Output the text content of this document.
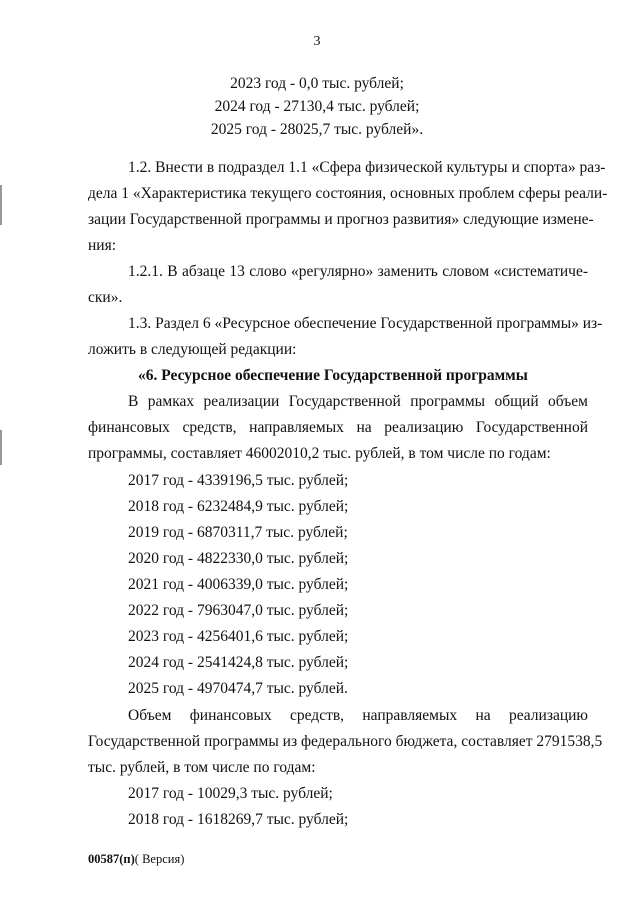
3
2023 год - 0,0 тыс. рублей;
2024 год - 27130,4 тыс. рублей;
2025 год - 28025,7 тыс. рублей».
1.2. Внести в подраздел 1.1 «Сфера физической культуры и спорта» раз-
дела 1 «Характеристика текущего состояния, основных проблем сферы реали-
зации Государственной программы и прогноз развития» следующие измене-
ния:
1.2.1. В абзаце 13 слово «регулярно» заменить словом «систематиче-
ски».
1.3. Раздел 6 «Ресурсное обеспечение Государственной программы» из-
ложить в следующей редакции:
«6. Ресурсное обеспечение Государственной программы
В рамках реализации Государственной программы общий объем
финансовых средств, направляемых на реализацию Государственной
программы, составляет 46002010,2 тыс. рублей, в том числе по годам:
2017 год - 4339196,5 тыс. рублей;
2018 год - 6232484,9 тыс. рублей;
2019 год - 6870311,7 тыс. рублей;
2020 год - 4822330,0 тыс. рублей;
2021 год - 4006339,0 тыс. рублей;
2022 год - 7963047,0 тыс. рублей;
2023 год - 4256401,6 тыс. рублей;
2024 год - 2541424,8 тыс. рублей;
2025 год - 4970474,7 тыс. рублей.
Объем финансовых средств, направляемых на реализацию
Государственной программы из федерального бюджета, составляет 2791538,5
тыс. рублей, в том числе по годам:
2017 год - 10029,3 тыс. рублей;
2018 год - 1618269,7 тыс. рублей;
00587(п)( Версия)
